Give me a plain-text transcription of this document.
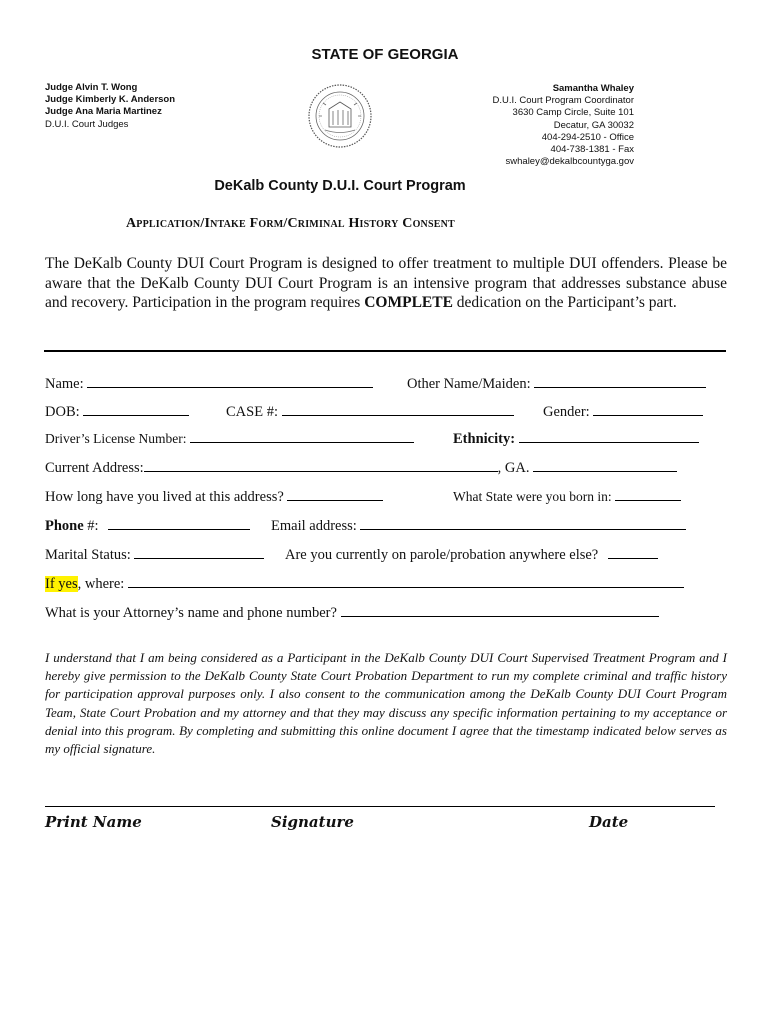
STATE OF GEORGIA
Judge Alvin T. Wong
Judge Kimberly K. Anderson
Judge Ana Maria Martinez
D.U.I. Court Judges
Samantha Whaley
D.U.I. Court Program Coordinator
3630 Camp Circle, Suite 101
Decatur, GA 30032
404-294-2510 - Office
404-738-1381 - Fax
swhaley@dekalbcountyga.gov
DeKalb County D.U.I. Court Program
Application/Intake Form/Criminal History Consent
The DeKalb County DUI Court Program is designed to offer treatment to multiple DUI offenders. Please be aware that the DeKalb County DUI Court Program is an intensive program that addresses substance abuse and recovery. Participation in the program requires COMPLETE dedication on the Participant’s part.
Name:	Other Name/Maiden:
DOB:	CASE #:	Gender:
Driver’s License Number:	Ethnicity:
Current Address:	, GA.
How long have you lived at this address?	What State were you born in:
Phone #:	Email address:
Marital Status:	Are you currently on parole/probation anywhere else?
If yes, where:
What is your Attorney’s name and phone number?
I understand that I am being considered as a Participant in the DeKalb County DUI Court Supervised Treatment Program and I hereby give permission to the DeKalb County State Court Probation Department to run my complete criminal and traffic history for participation approval purposes only. I also consent to the communication among the DeKalb County DUI Court Program Team, State Court Probation and my attorney and that they may discuss any specific information pertaining to my acceptance or denial into this program. By completing and submitting this online document I agree that the timestamp indicated below serves as my official signature.
Print Name	Signature	Date
